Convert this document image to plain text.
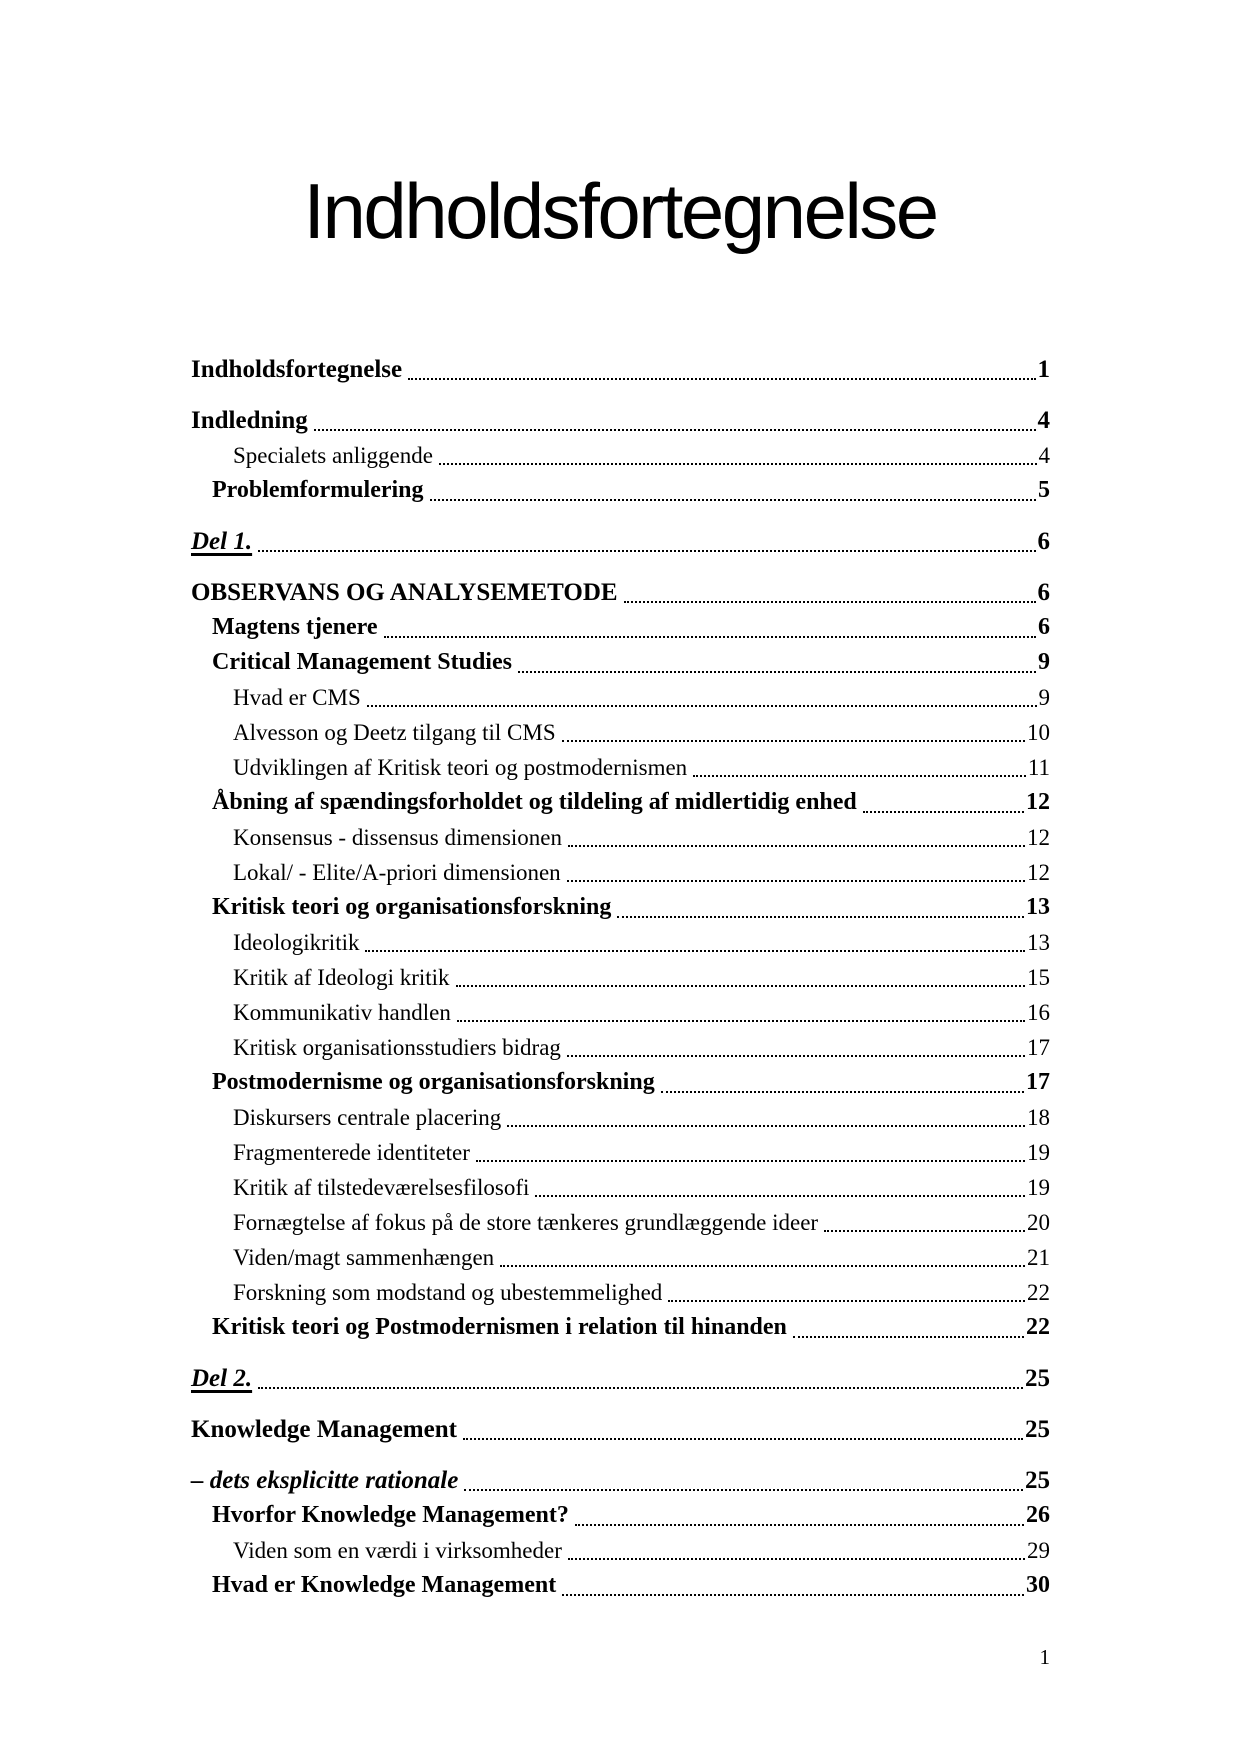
Indholdsfortegnelse
Indholdsfortegnelse	1
Indledning	4
Specialets anliggende	4
Problemformulering	5
Del 1.	6
OBSERVANS OG ANALYSEMETODE	6
Magtens tjenere	6
Critical Management Studies	9
Hvad er CMS	9
Alvesson og Deetz tilgang til CMS	10
Udviklingen af Kritisk teori og postmodernismen	11
Åbning af spændingsforholdet og tildeling af midlertidig enhed	12
Konsensus - dissensus dimensionen	12
Lokal/ - Elite/A-priori dimensionen	12
Kritisk teori og organisationsforskning	13
Ideologikritik	13
Kritik af Ideologi kritik	15
Kommunikativ handlen	16
Kritisk organisationsstudiers bidrag	17
Postmodernisme og organisationsforskning	17
Diskursers centrale placering	18
Fragmenterede identiteter	19
Kritik af tilstedeværelsesfilosofi	19
Fornægtelse af fokus på de store tænkeres grundlæggende ideer	20
Viden/magt sammenhængen	21
Forskning som modstand og ubestemmelighed	22
Kritisk teori og Postmodernismen i relation til hinanden	22
Del 2.	25
Knowledge Management	25
– dets eksplicitte rationale	25
Hvorfor Knowledge Management?	26
Viden som en værdi i virksomheder	29
Hvad er Knowledge Management	30
1
